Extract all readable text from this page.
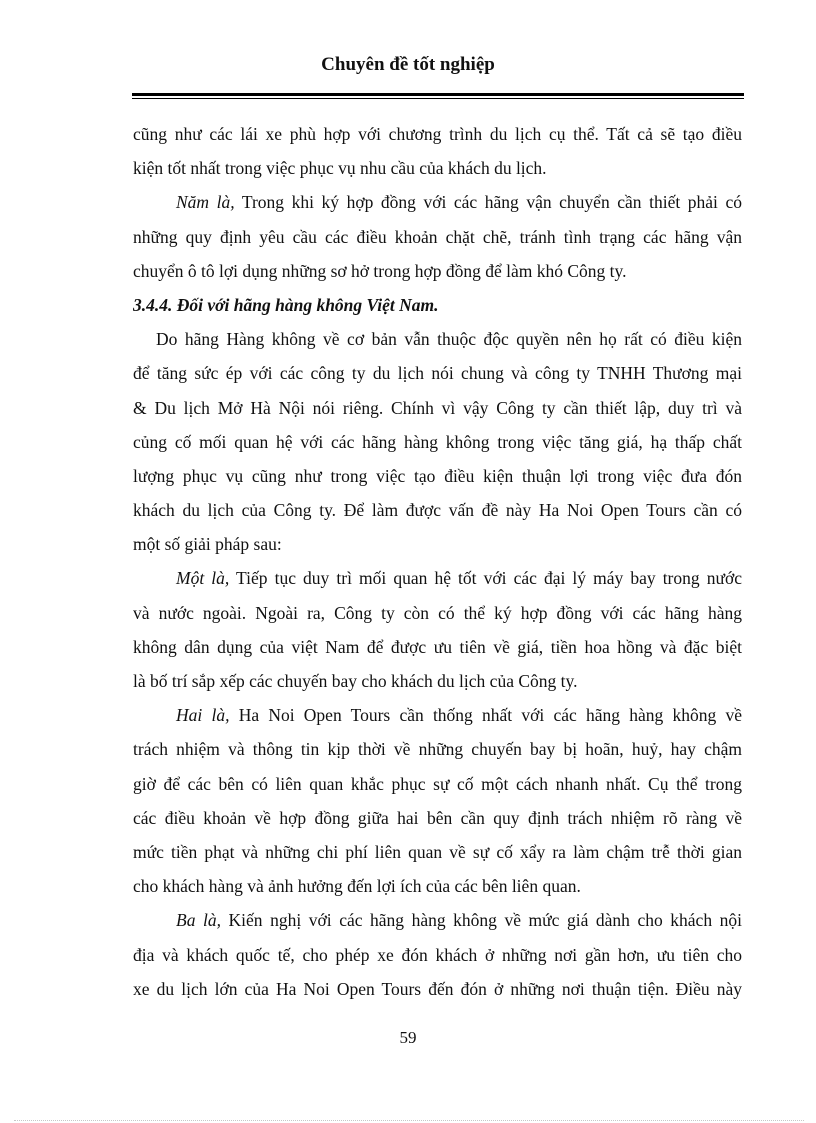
Chuyên đề tốt nghiệp
cũng như các lái xe phù hợp với chương trình du lịch cụ thể. Tất cả sẽ tạo điều
kiện tốt nhất trong việc phục vụ nhu cầu của khách du lịch.
Năm là, Trong khi ký hợp đồng với các hãng vận chuyển cần thiết phải có
những quy định yêu cầu các điều khoản chặt chẽ, tránh tình trạng các hãng vận
chuyển ô tô lợi dụng những sơ hở trong hợp đồng để làm khó Công ty.
3.4.4. Đối với hãng hàng không Việt Nam.
Do hãng Hàng không về cơ bản vẫn thuộc độc quyền nên họ rất có điều kiện
để tăng sức ép với các công ty du lịch nói chung và công ty TNHH Thương mại
& Du lịch Mở Hà Nội nói riêng. Chính vì vậy Công ty cần thiết lập, duy trì và
củng cố mối quan hệ với các hãng hàng không trong việc tăng giá, hạ thấp chất
lượng phục vụ cũng như trong việc tạo điều kiện thuận lợi trong việc đưa đón
khách du lịch của Công ty. Để làm được vấn đề này Ha Noi Open Tours cần có
một số giải pháp sau:
Một là, Tiếp tục duy trì mối quan hệ tốt với các đại lý máy bay trong nước
và nước ngoài. Ngoài ra, Công ty còn có thể ký hợp đồng với các hãng hàng
không dân dụng của việt Nam để được ưu tiên về giá, tiền hoa hồng và đặc biệt
là bố trí sắp xếp các chuyến bay cho khách du lịch của Công ty.
Hai là, Ha Noi Open Tours cần thống nhất với các hãng hàng không về
trách nhiệm và thông tin kịp thời về những chuyến bay bị hoãn, huỷ, hay chậm
giờ để các bên có liên quan khắc phục sự cố một cách nhanh nhất. Cụ thể trong
các điều khoản về hợp đồng giữa hai bên cần quy định trách nhiệm rõ ràng về
mức tiền phạt và những chi phí liên quan về sự cố xẩy ra làm chậm trễ thời gian
cho khách hàng và ảnh hưởng đến lợi ích của các bên liên quan.
Ba là, Kiến nghị với các hãng hàng không về mức giá dành cho khách nội
địa và khách quốc tế, cho phép xe đón khách ở những nơi gần hơn, ưu tiên cho
xe du lịch lớn của Ha Noi Open Tours đến đón ở những nơi thuận tiện. Điều này
59
